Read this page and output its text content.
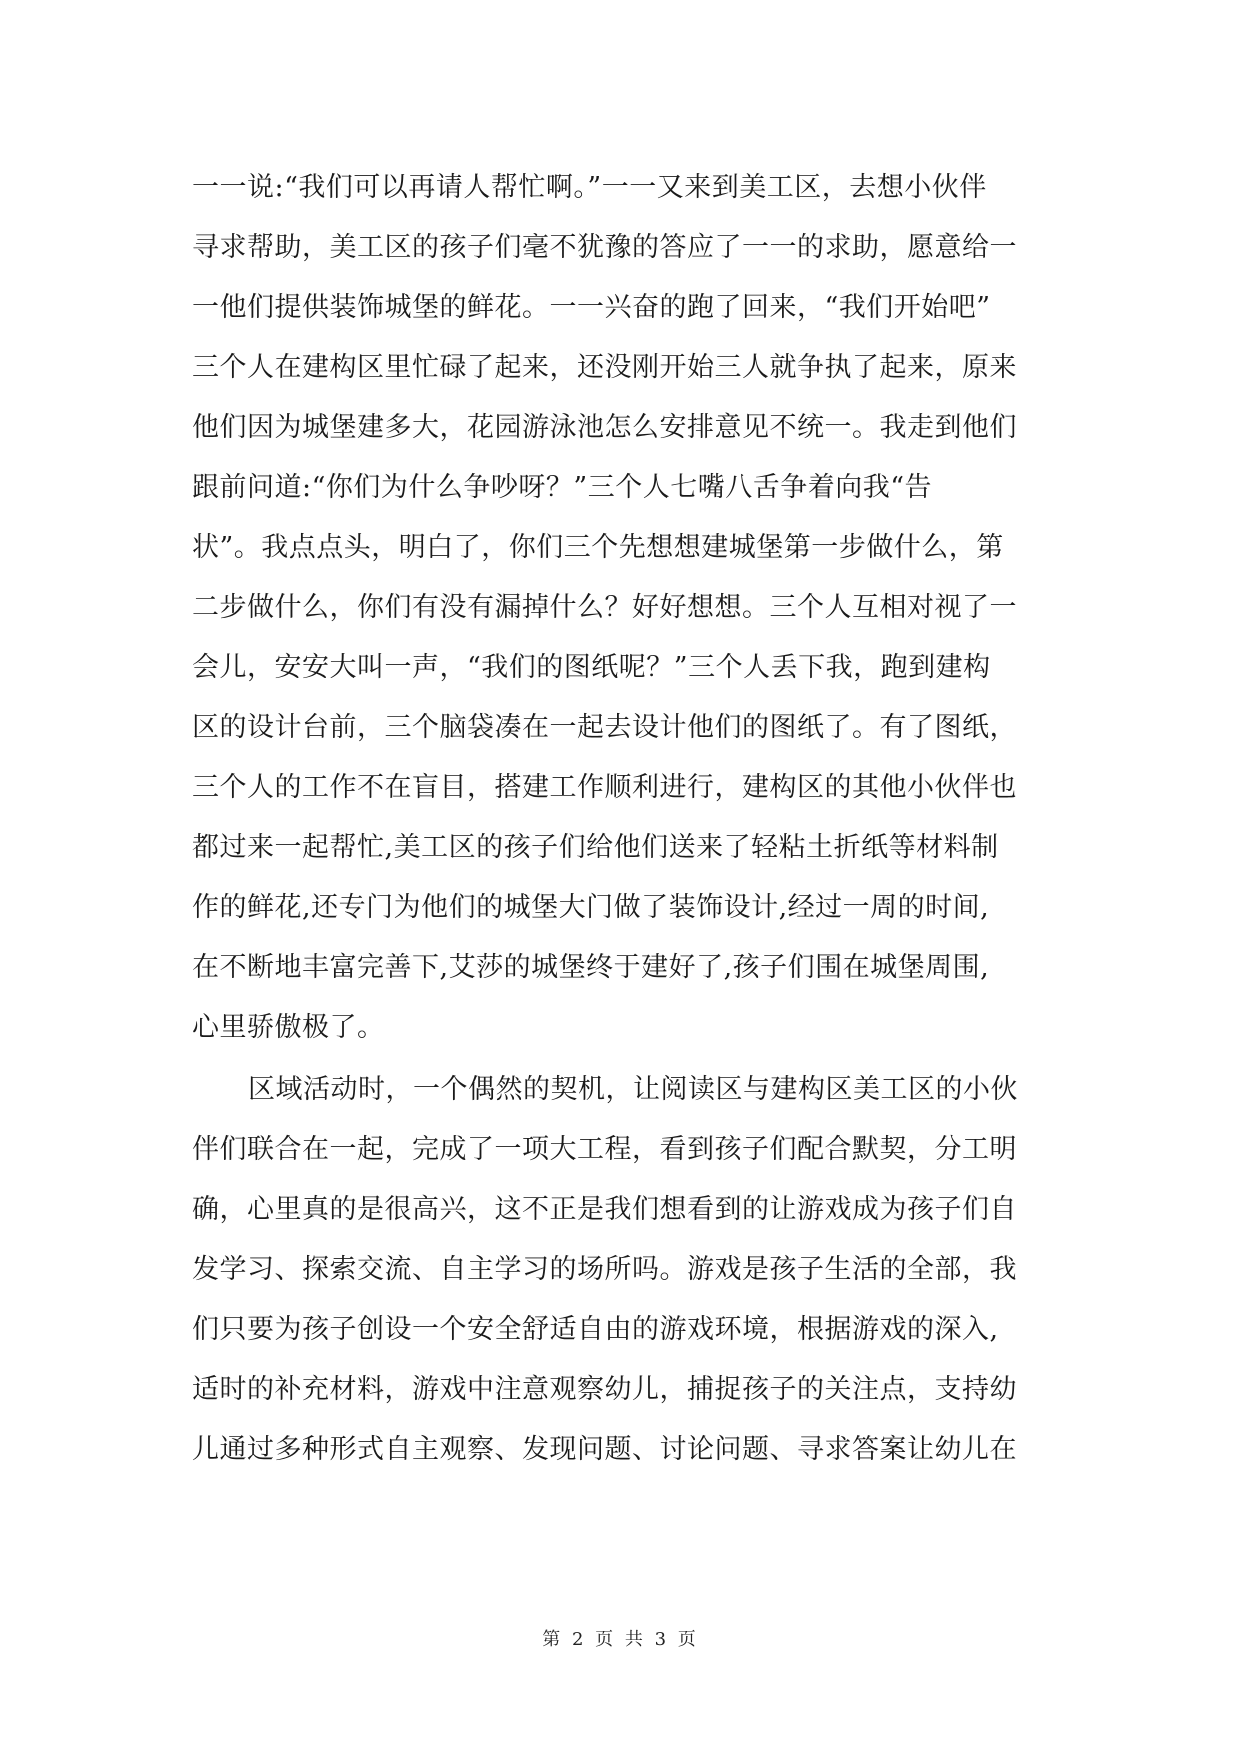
一一说:“我们可以再请人帮忙啊。”一一又来到美工区，去想小伙伴
寻求帮助，美工区的孩子们毫不犹豫的答应了一一的求助，愿意给一
一他们提供装饰城堡的鲜花。一一兴奋的跑了回来，“我们开始吧”
三个人在建构区里忙碌了起来，还没刚开始三人就争执了起来，原来
他们因为城堡建多大，花园游泳池怎么安排意见不统一。我走到他们
跟前问道:“你们为什么争吵呀？”三个人七嘴八舌争着向我“告
状”。我点点头，明白了，你们三个先想想建城堡第一步做什么，第
二步做什么，你们有没有漏掉什么？好好想想。三个人互相对视了一
会儿，安安大叫一声，“我们的图纸呢？”三个人丢下我，跑到建构
区的设计台前，三个脑袋凑在一起去设计他们的图纸了。有了图纸，
三个人的工作不在盲目，搭建工作顺利进行，建构区的其他小伙伴也
都过来一起帮忙,美工区的孩子们给他们送来了轻粘土折纸等材料制
作的鲜花,还专门为他们的城堡大门做了装饰设计,经过一周的时间,
在不断地丰富完善下,艾莎的城堡终于建好了,孩子们围在城堡周围,
心里骄傲极了。
区域活动时，一个偶然的契机，让阅读区与建构区美工区的小伙
伴们联合在一起，完成了一项大工程，看到孩子们配合默契，分工明
确，心里真的是很高兴，这不正是我们想看到的让游戏成为孩子们自
发学习、探索交流、自主学习的场所吗。游戏是孩子生活的全部，我
们只要为孩子创设一个安全舒适自由的游戏环境，根据游戏的深入,
适时的补充材料，游戏中注意观察幼儿，捕捉孩子的关注点，支持幼
儿通过多种形式自主观察、发现问题、讨论问题、寻求答案让幼儿在
第 2 页 共 3 页
